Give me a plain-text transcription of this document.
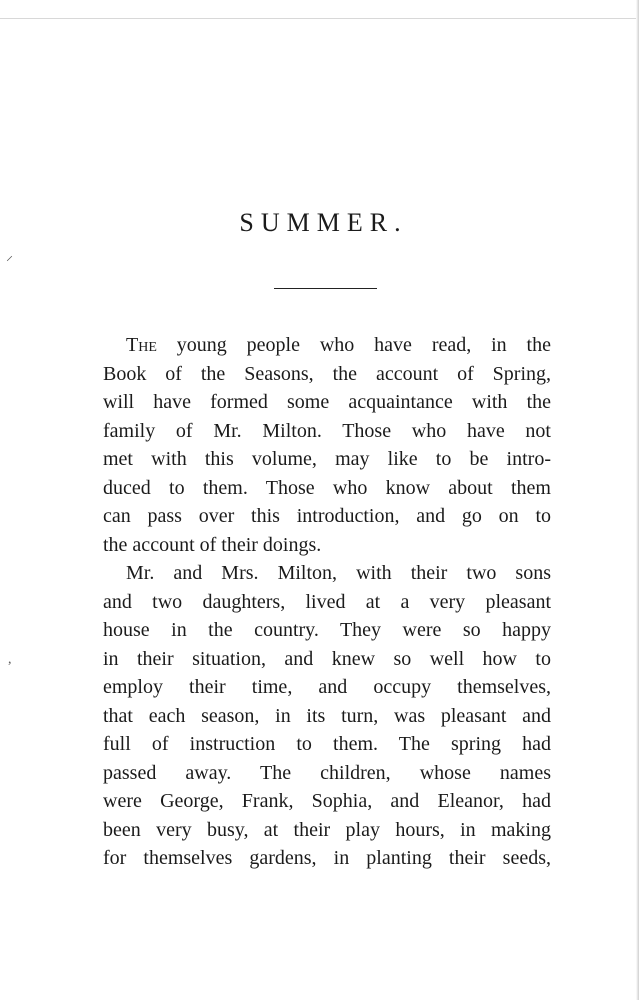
⸝
,
SUMMER.
The young people who have read, in the
Book of the Seasons, the account of Spring,
will have formed some acquaintance with the
family of Mr. Milton. Those who have not
met with this volume, may like to be intro-
duced to them. Those who know about them
can pass over this introduction, and go on to
the account of their doings.
Mr. and Mrs. Milton, with their two sons
and two daughters, lived at a very pleasant
house in the country. They were so happy
in their situation, and knew so well how to
employ their time, and occupy themselves,
that each season, in its turn, was pleasant and
full of instruction to them. The spring had
passed away. The children, whose names
were George, Frank, Sophia, and Eleanor, had
been very busy, at their play hours, in making
for themselves gardens, in planting their seeds,
